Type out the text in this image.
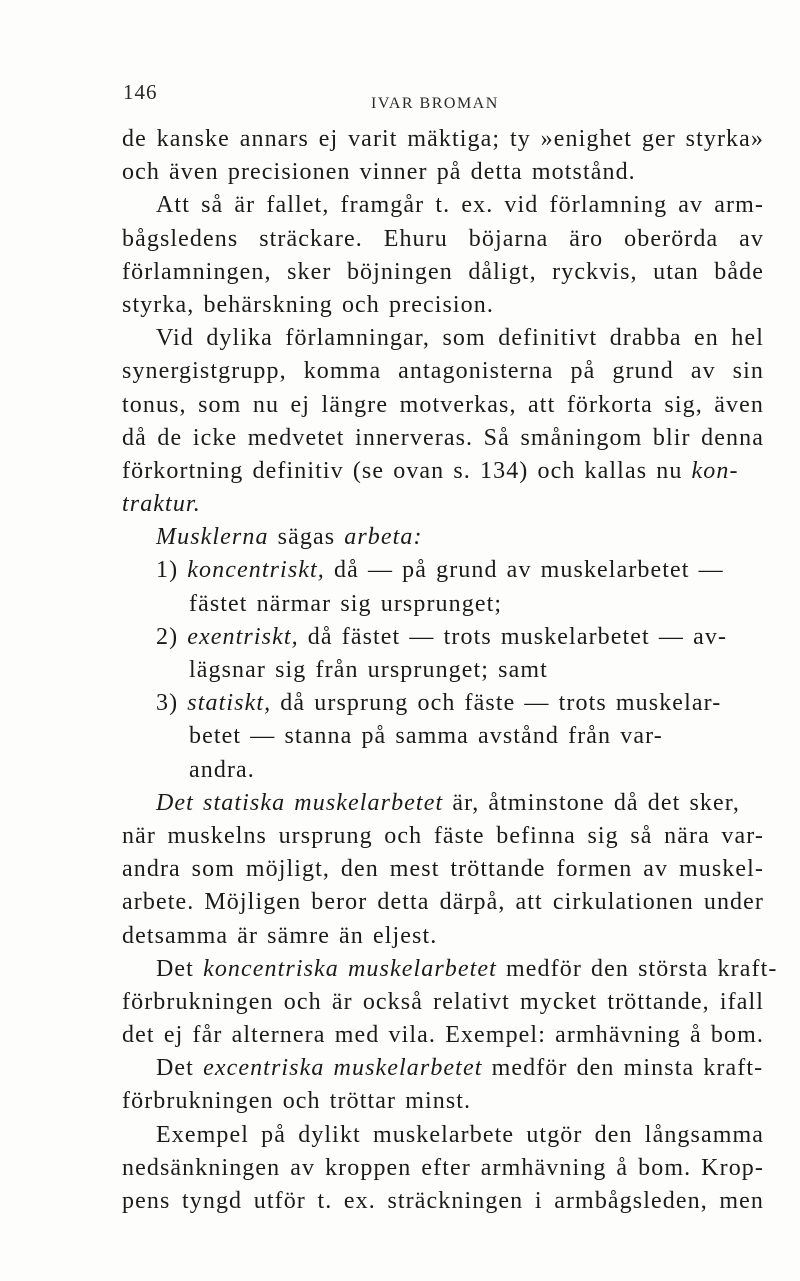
146	IVAR BROMAN
de kanske annars ej varit mäktiga; ty »enighet ger styrka»
och även precisionen vinner på detta motstånd.
Att så är fallet, framgår t. ex. vid förlamning av arm-
bågsledens sträckare. Ehuru böjarna äro oberörda av
förlamningen, sker böjningen dåligt, ryckvis, utan både
styrka, behärskning och precision.
Vid dylika förlamningar, som definitivt drabba en hel
synergistgrupp, komma antagonisterna på grund av sin
tonus, som nu ej längre motverkas, att förkorta sig, även
då de icke medvetet innerveras. Så småningom blir denna
förkortning definitiv (se ovan s. 134) och kallas nu kon-
traktur.
Musklerna sägas arbeta:
1) koncentriskt, då — på grund av muskelarbetet —
fästet närmar sig ursprunget;
2) exentriskt, då fästet — trots muskelarbetet — av-
lägsnar sig från ursprunget; samt
3) statiskt, då ursprung och fäste — trots muskelar-
betet — stanna på samma avstånd från var-
andra.
Det statiska muskelarbetet är, åtminstone då det sker,
när muskelns ursprung och fäste befinna sig så nära var-
andra som möjligt, den mest tröttande formen av muskel-
arbete. Möjligen beror detta därpå, att cirkulationen under
detsamma är sämre än eljest.
Det koncentriska muskelarbetet medför den största kraft-
förbrukningen och är också relativt mycket tröttande, ifall
det ej får alternera med vila. Exempel: armhävning å bom.
Det excentriska muskelarbetet medför den minsta kraft-
förbrukningen och tröttar minst.
Exempel på dylikt muskelarbete utgör den långsamma
nedsänkningen av kroppen efter armhävning å bom. Krop-
pens tyngd utför t. ex. sträckningen i armbågsleden, men
